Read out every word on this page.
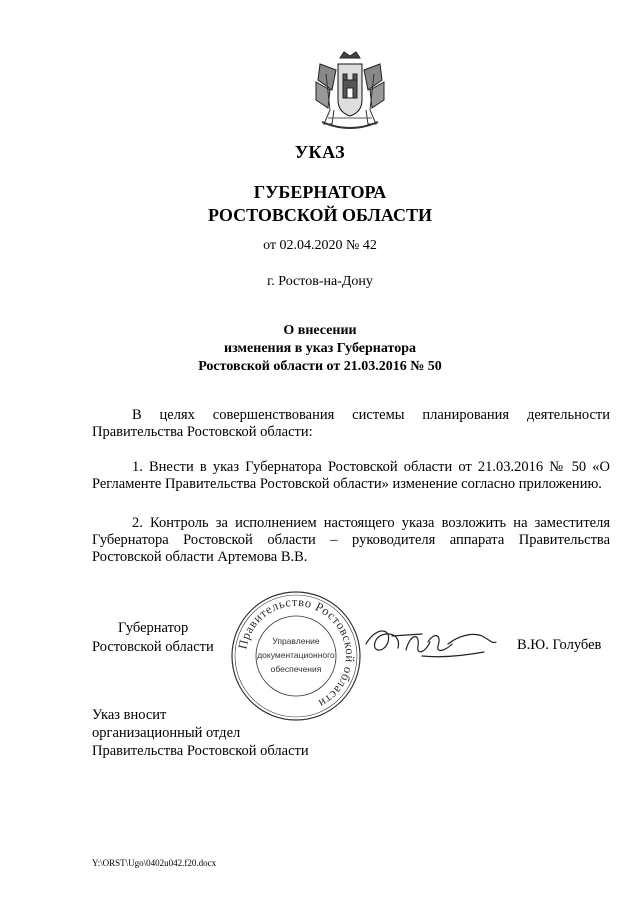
УКАЗ
ГУБЕРНАТОРА
РОСТОВСКОЙ ОБЛАСТИ
от 02.04.2020 № 42
г. Ростов-на-Дону
О внесении
изменения в указ Губернатора
Ростовской области от 21.03.2016 № 50
В целях совершенствования системы планирования деятельности Правительства Ростовской области:
1. Внести в указ Губернатора Ростовской области от 21.03.2016 № 50 «О Регламенте Правительства Ростовской области» изменение согласно приложению.
2. Контроль за исполнением настоящего указа возложить на заместителя Губернатора Ростовской области – руководителя аппарата Правительства Ростовской области Артемова В.В.
Губернатор
Ростовской области	Правительство Ростовской области
Управление
документационного
обеспечения
В.Ю. Голубев
Указ вносит
организационный отдел
Правительства Ростовской области
Y:\ORST\Ugo\0402u042.f20.docx
